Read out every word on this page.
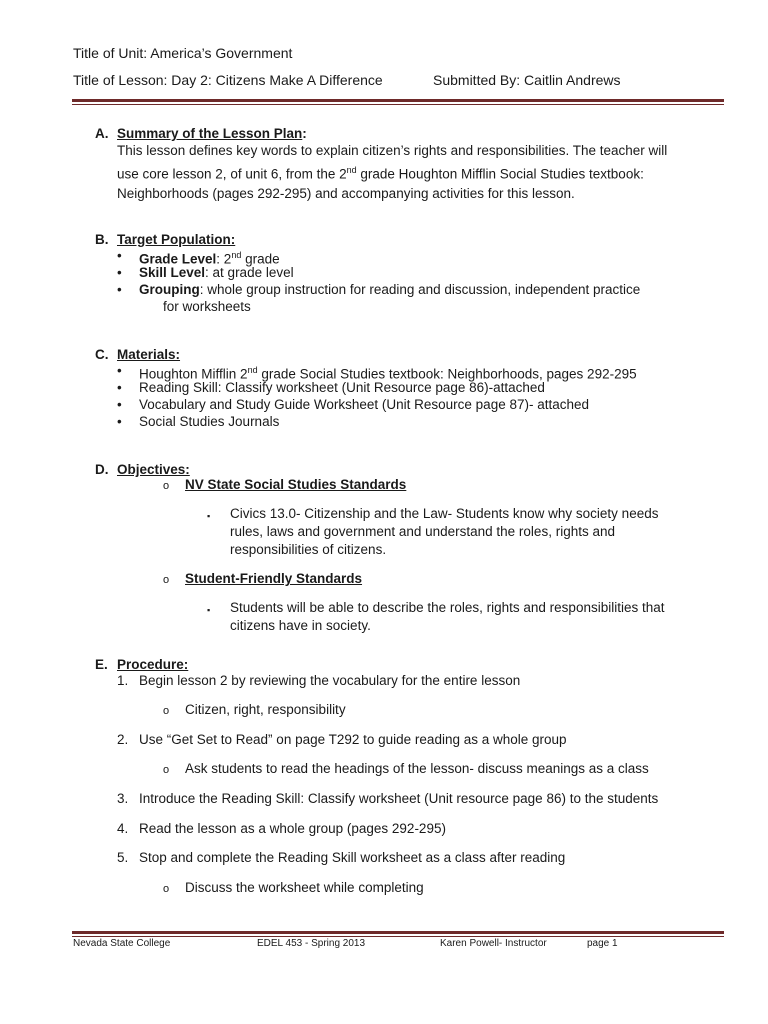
Title of Unit: America’s Government
Title of Lesson: Day 2: Citizens Make A Difference	Submitted By: Caitlin Andrews
A. Summary of the Lesson Plan:
This lesson defines key words to explain citizen’s rights and responsibilities. The teacher will
use core lesson 2, of unit 6, from the 2nd grade Houghton Mifflin Social Studies textbook:
Neighborhoods (pages 292-295) and accompanying activities for this lesson.
B. Target Population:
• Grade Level: 2nd grade
• Skill Level: at grade level
• Grouping: whole group instruction for reading and discussion, independent practice
for worksheets
C. Materials:
• Houghton Mifflin 2nd grade Social Studies textbook: Neighborhoods, pages 292-295
• Reading Skill: Classify worksheet (Unit Resource page 86)-attached
• Vocabulary and Study Guide Worksheet (Unit Resource page 87)- attached
• Social Studies Journals
D. Objectives:
o NV State Social Studies Standards
▪ Civics 13.0- Citizenship and the Law- Students know why society needs
rules, laws and government and understand the roles, rights and
responsibilities of citizens.
o Student-Friendly Standards
▪ Students will be able to describe the roles, rights and responsibilities that
citizens have in society.
E. Procedure:
1. Begin lesson 2 by reviewing the vocabulary for the entire lesson
o Citizen, right, responsibility
2. Use “Get Set to Read” on page T292 to guide reading as a whole group
o Ask students to read the headings of the lesson- discuss meanings as a class
3. Introduce the Reading Skill: Classify worksheet (Unit resource page 86) to the students
4. Read the lesson as a whole group (pages 292-295)
5. Stop and complete the Reading Skill worksheet as a class after reading
o Discuss the worksheet while completing
Nevada State College	EDEL 453 - Spring 2013	Karen Powell- Instructor	page 1
